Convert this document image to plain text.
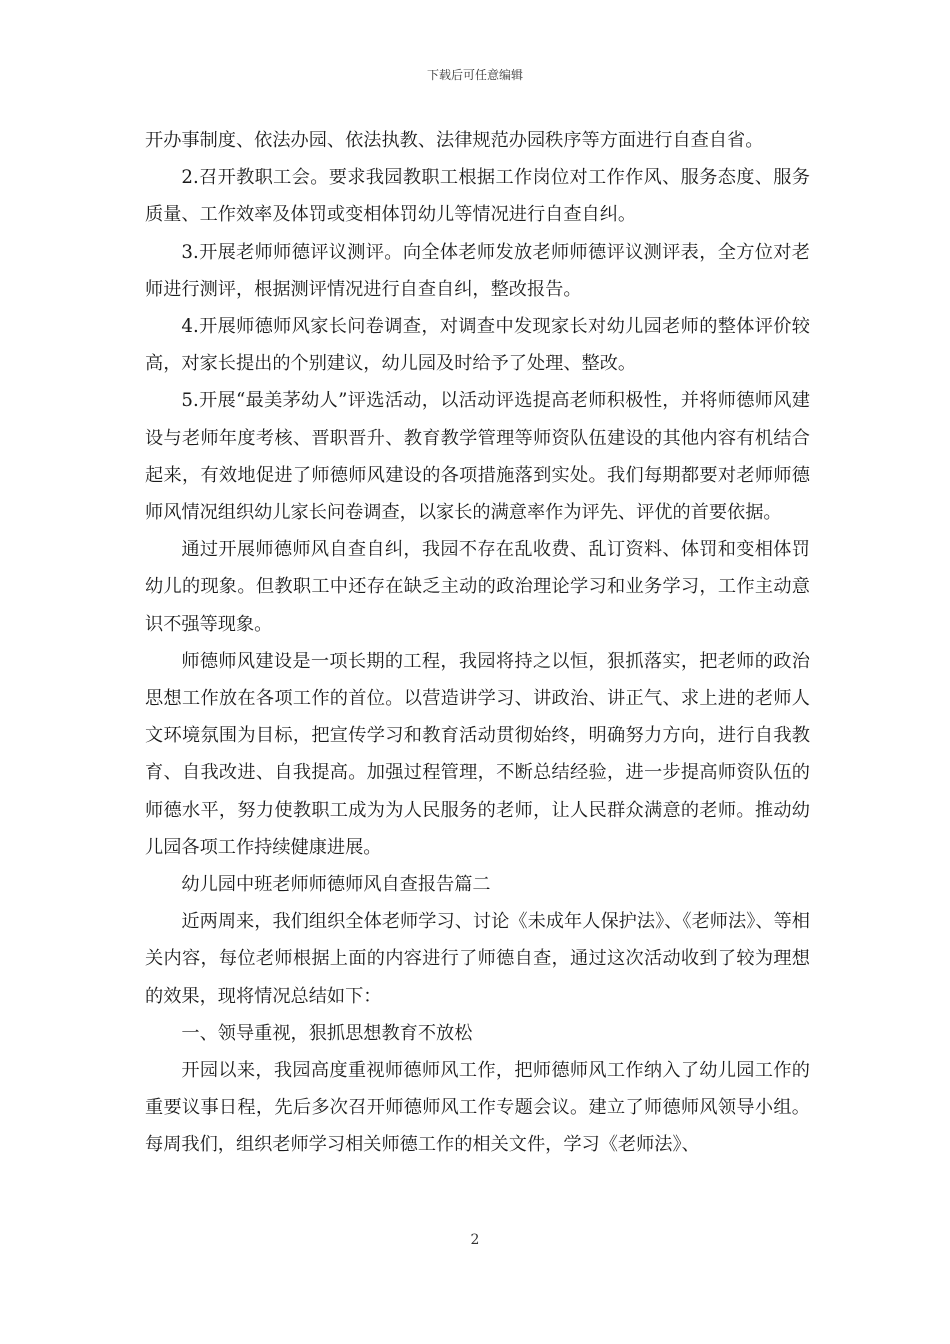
下载后可任意编辑

开办事制度、依法办园、依法执教、法律规范办园秩序等方面进行自查自省。

2.召开教职工会。要求我园教职工根据工作岗位对工作作风、服务态度、服务质量、工作效率及体罚或变相体罚幼儿等情况进行自查自纠。

3.开展老师师德评议测评。向全体老师发放老师师德评议测评表，全方位对老师进行测评，根据测评情况进行自查自纠，整改报告。

4.开展师德师风家长问卷调查，对调查中发现家长对幼儿园老师的整体评价较高，对家长提出的个别建议，幼儿园及时给予了处理、整改。

5.开展“最美茅幼人”评选活动，以活动评选提高老师积极性，并将师德师风建设与老师年度考核、晋职晋升、教育教学管理等师资队伍建设的其他内容有机结合起来，有效地促进了师德师风建设的各项措施落到实处。我们每期都要对老师师德师风情况组织幼儿家长问卷调查，以家长的满意率作为评先、评优的首要依据。

通过开展师德师风自查自纠，我园不存在乱收费、乱订资料、体罚和变相体罚幼儿的现象。但教职工中还存在缺乏主动的政治理论学习和业务学习，工作主动意识不强等现象。

师德师风建设是一项长期的工程，我园将持之以恒，狠抓落实，把老师的政治思想工作放在各项工作的首位。以营造讲学习、讲政治、讲正气、求上进的老师人文环境氛围为目标，把宣传学习和教育活动贯彻始终，明确努力方向，进行自我教育、自我改进、自我提高。加强过程管理，不断总结经验，进一步提高师资队伍的师德水平，努力使教职工成为为人民服务的老师，让人民群众满意的老师。推动幼儿园各项工作持续健康进展。

幼儿园中班老师师德师风自查报告篇二

近两周来，我们组织全体老师学习、讨论《未成年人保护法》、《老师法》、等相关内容，每位老师根据上面的内容进行了师德自查，通过这次活动收到了较为理想的效果，现将情况总结如下：

一、领导重视，狠抓思想教育不放松

开园以来，我园高度重视师德师风工作，把师德师风工作纳入了幼儿园工作的重要议事日程，先后多次召开师德师风工作专题会议。建立了师德师风领导小组。每周我们，组织老师学习相关师德工作的相关文件，学习《老师法》、

2
